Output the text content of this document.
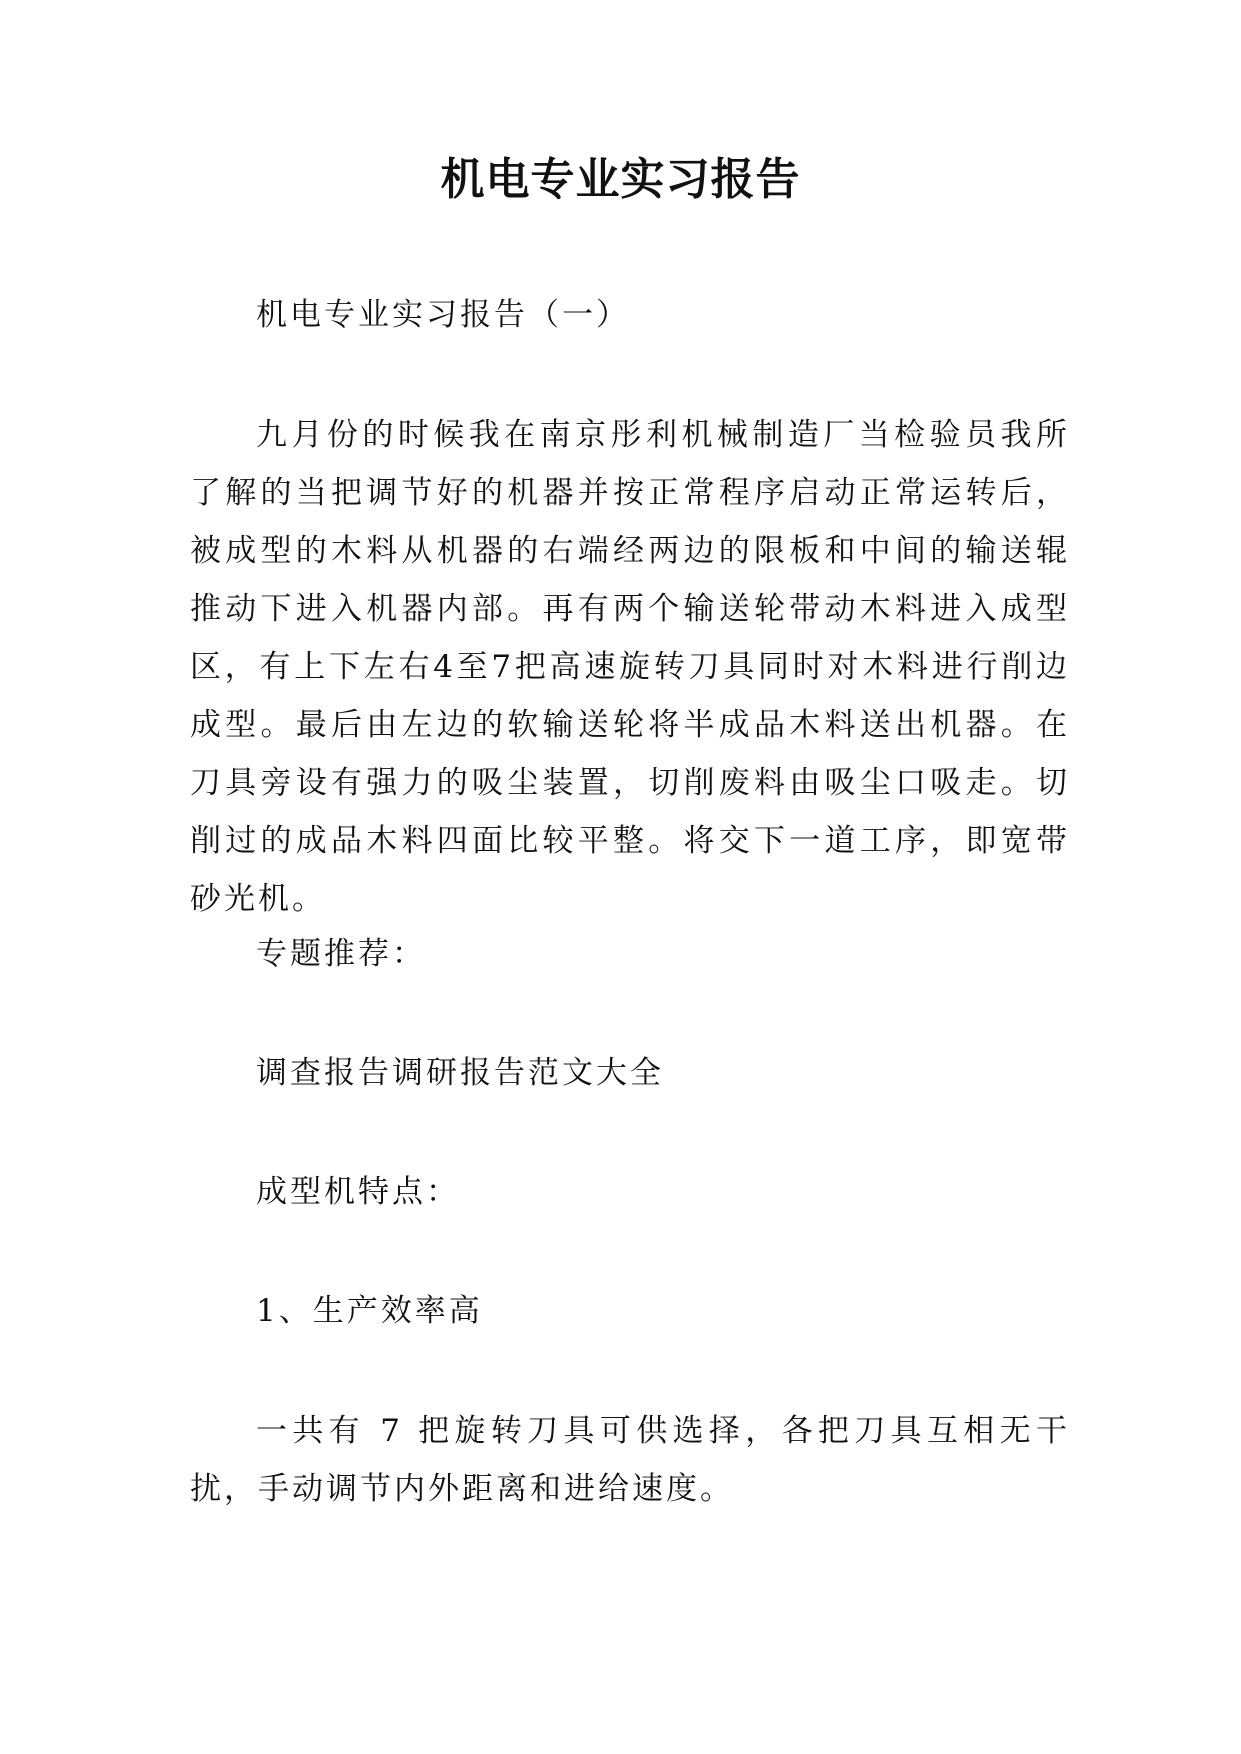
机电专业实习报告

机电专业实习报告（一）

九月份的时候我在南京彤利机械制造厂当检验员我所了解的当把调节好的机器并按正常程序启动正常运转后，被成型的木料从机器的右端经两边的限板和中间的输送辊推动下进入机器内部。再有两个输送轮带动木料进入成型区，有上下左右4至7把高速旋转刀具同时对木料进行削边成型。最后由左边的软输送轮将半成品木料送出机器。在刀具旁设有强力的吸尘装置，切削废料由吸尘口吸走。切削过的成品木料四面比较平整。将交下一道工序，即宽带砂光机。

专题推荐：

调查报告调研报告范文大全

成型机特点：

1、生产效率高

一共有 7 把旋转刀具可供选择，各把刀具互相无干扰，手动调节内外距离和进给速度。
